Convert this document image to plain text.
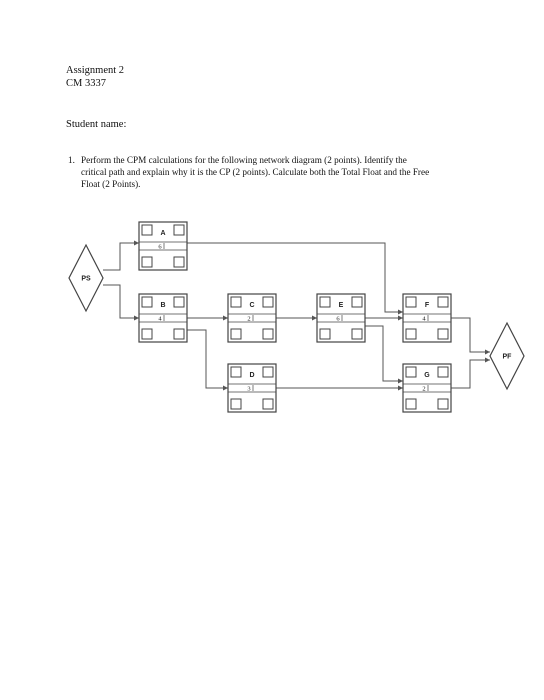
Assignment 2
CM 3337
Student name:
1. Perform the CPM calculations for the following network diagram (2 points). Identify the
critical path and explain why it is the CP (2 points). Calculate both the Total Float and the Free
Float (2 Points).
A
6
B
4
C
2
D
3
E
6
F
4
G
2
PS
PF
